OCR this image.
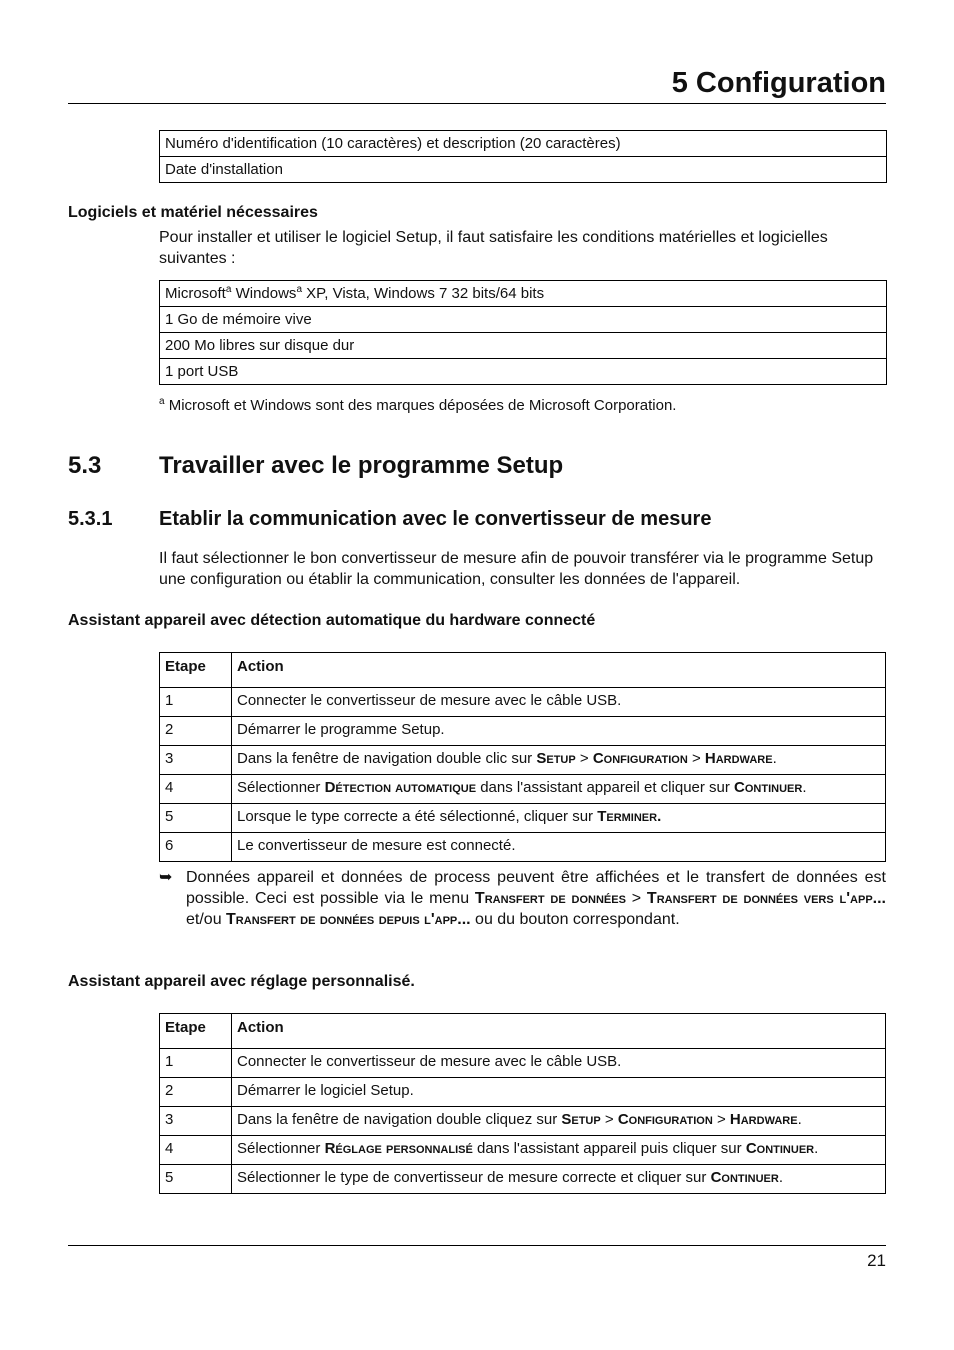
5 Configuration
Numéro d'identification (10 caractères) et description (20 caractères)
Date d'installation
Logiciels et matériel nécessaires
Pour installer et utiliser le logiciel Setup, il faut satisfaire les conditions matérielles et logicielles suivantes :
Microsoft$^a$ Windows$^a$ XP, Vista, Windows 7 32 bits/64 bits
1 Go de mémoire vive
200 Mo libres sur disque dur
1 port USB
$^a$ Microsoft et Windows sont des marques déposées de Microsoft Corporation.
5.3 Travailler avec le programme Setup
5.3.1 Etablir la communication avec le convertisseur de mesure
Il faut sélectionner le bon convertisseur de mesure afin de pouvoir transférer via le programme Setup une configuration ou établir la communication, consulter les données de l'appareil.
Assistant appareil avec détection automatique du hardware connecté
Etape	Action
1	Connecter le convertisseur de mesure avec le câble USB.
2	Démarrer le programme Setup.
3	Dans la fenêtre de navigation double clic sur Setup > Configuration > Hardware.
4	Sélectionner Détection automatique dans l'assistant appareil et cliquer sur Continuer.
5	Lorsque le type correcte a été sélectionné, cliquer sur Terminer.
6	Le convertisseur de mesure est connecté.
➥ Données appareil et données de process peuvent être affichées et le transfert de données est possible. Ceci est possible via le menu Transfert de données > Transfert de données vers l'app... et/ou Transfert de données depuis l'app... ou du bouton correspondant.
Assistant appareil avec réglage personnalisé.
Etape	Action
1	Connecter le convertisseur de mesure avec le câble USB.
2	Démarrer le logiciel Setup.
3	Dans la fenêtre de navigation double cliquez sur Setup > Configuration > Hardware.
4	Sélectionner Réglage personnalisé dans l'assistant appareil puis cliquer sur Continuer.
5	Sélectionner le type de convertisseur de mesure correcte et cliquer sur Continuer.
21
